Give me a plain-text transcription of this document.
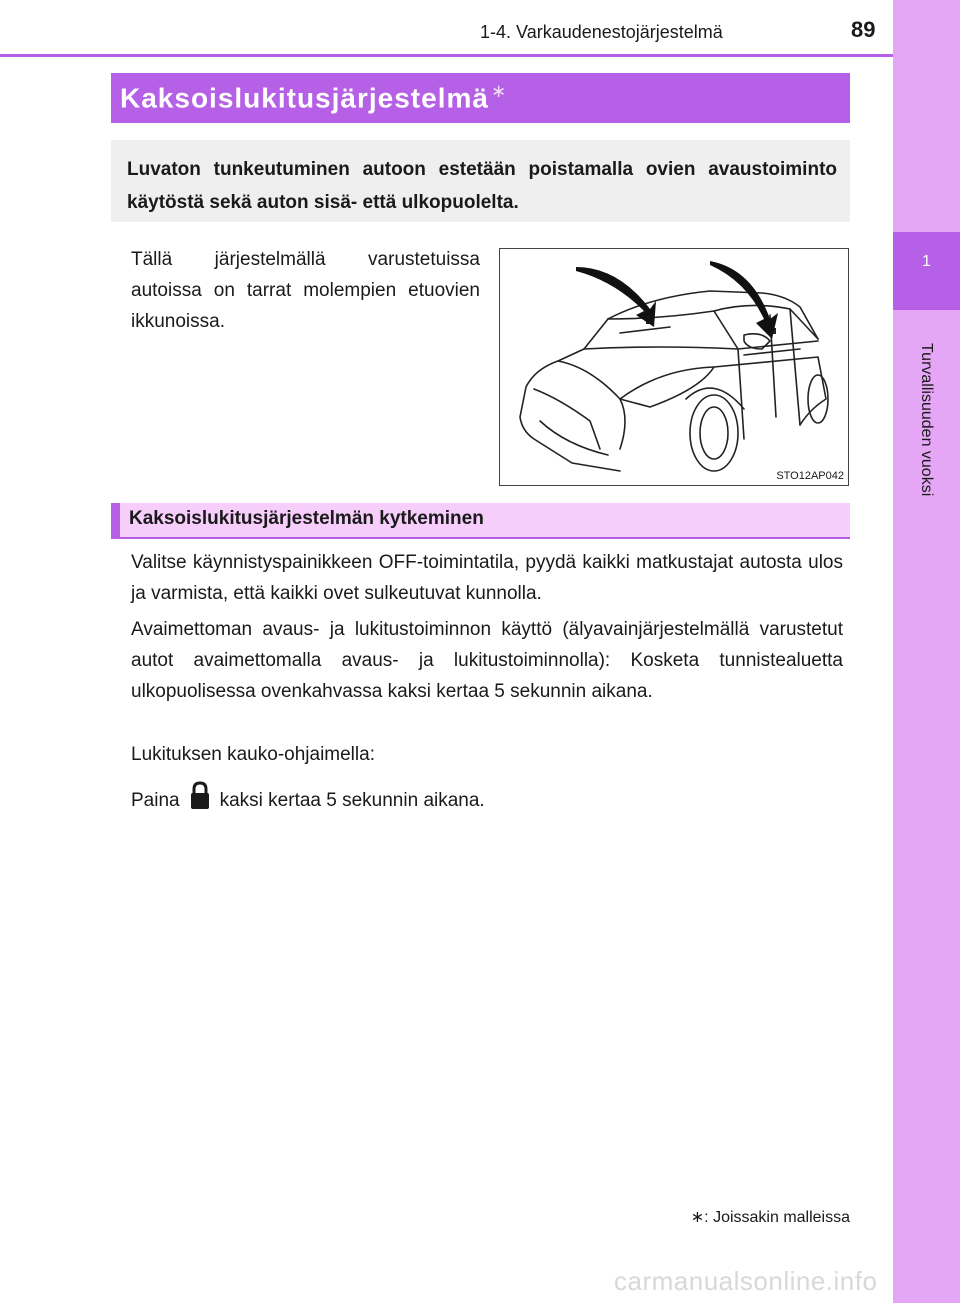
1
Turvallisuuden vuoksi
1-4. Varkaudenestojärjestelmä	89
Kaksoislukitusjärjestelmä ∗
Luvaton tunkeutuminen autoon estetään poistamalla ovien avaustoiminto käytöstä sekä auton sisä- että ulkopuolelta.
Tällä järjestelmällä varustetuissa autoissa on tarrat molempien etuovien ikkunoissa.
STO12AP042
Kaksoislukitusjärjestelmän kytkeminen
Valitse käynnistyspainikkeen OFF-toimintatila, pyydä kaikki matkustajat autosta ulos ja varmista, että kaikki ovet sulkeutuvat kunnolla.
Avaimettoman avaus- ja lukitustoiminnon käyttö (älyavainjärjestelmällä varustetut autot avaimettomalla avaus- ja lukitustoiminnolla): Kosketa tunnistealuetta ulkopuolisessa ovenkahvassa kaksi kertaa 5 sekunnin aikana.
Lukituksen kauko-ohjaimella:
Paina kaksi kertaa 5 sekunnin aikana.
∗: Joissakin malleissa
carmanualsonline.info
